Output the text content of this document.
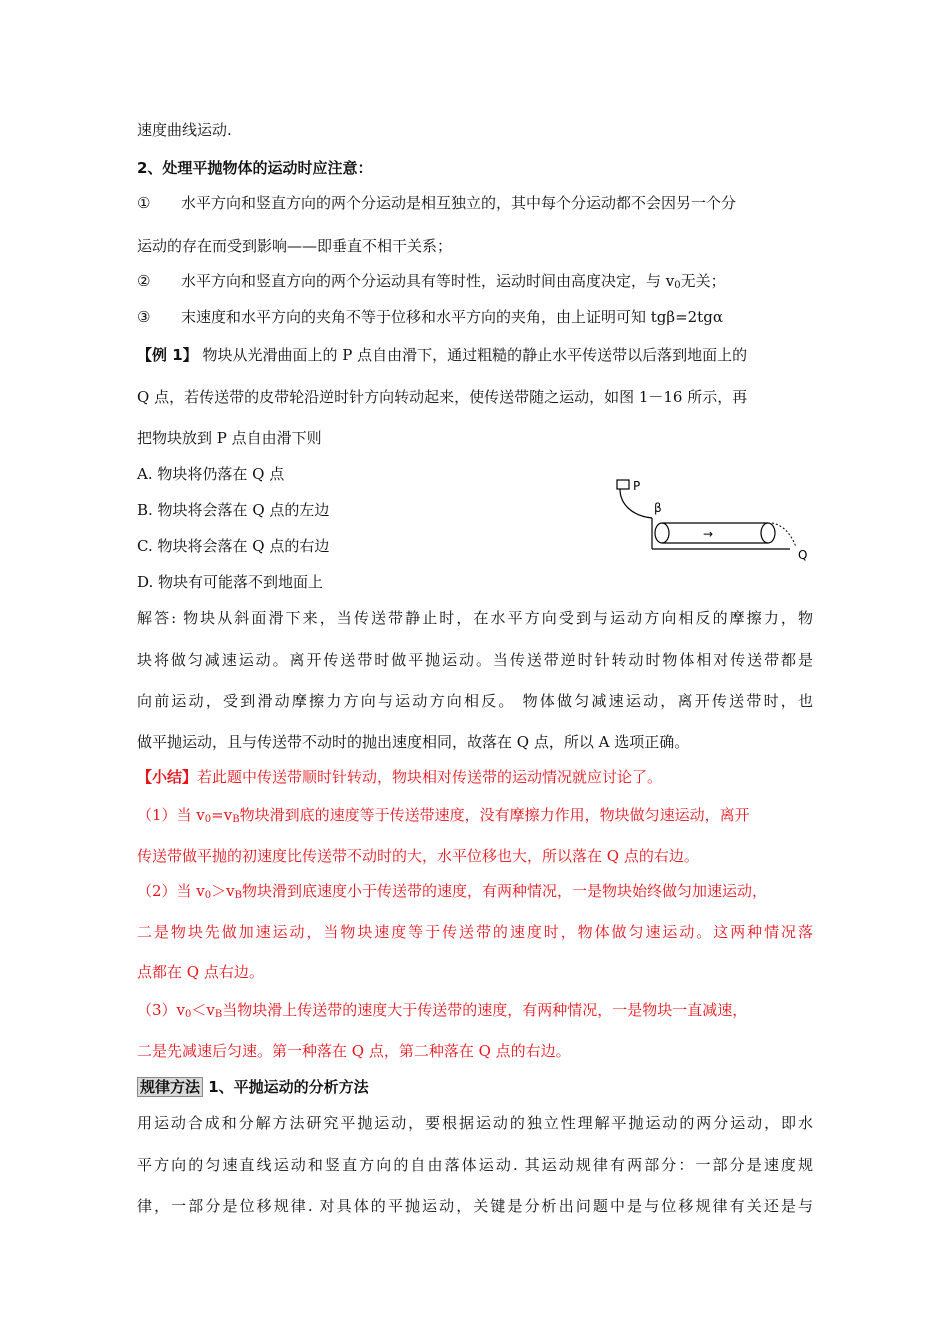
速度曲线运动.
2、处理平抛物体的运动时应注意：
① 水平方向和竖直方向的两个分运动是相互独立的，其中每个分运动都不会因另一个分
运动的存在而受到影响——即垂直不相干关系；
② 水平方向和竖直方向的两个分运动具有等时性，运动时间由高度决定，与 $v_0$无关；
③ 末速度和水平方向的夹角不等于位移和水平方向的夹角，由上证明可知 tgβ=2tgα
【例 1】 物块从光滑曲面上的 P 点自由滑下，通过粗糙的静止水平传送带以后落到地面上的
Q 点，若传送带的皮带轮沿逆时针方向转动起来，使传送带随之运动，如图 1－16 所示，再
把物块放到 P 点自由滑下则
A. 物块将仍落在 Q 点
B. 物块将会落在 Q 点的左边
C. 物块将会落在 Q 点的右边
D. 物块有可能落不到地面上
P
β
→
Q
解答: 物块从斜面滑下来，当传送带静止时，在水平方向受到与运动方向相反的摩擦力，物
块将做匀减速运动。离开传送带时做平抛运动。当传送带逆时针转动时物体相对传送带都是
向前运动，受到滑动摩擦力方向与运动方向相反。 物体做匀减速运动，离开传送带时，也
做平抛运动，且与传送带不动时的抛出速度相同，故落在 Q 点，所以 A 选项正确。
【小结】若此题中传送带顺时针转动，物块相对传送带的运动情况就应讨论了。
（1）当 $v_0=v_B$物块滑到底的速度等于传送带速度，没有摩擦力作用，物块做匀速运动，离开
传送带做平抛的初速度比传送带不动时的大，水平位移也大，所以落在 Q 点的右边。
（2）当 $v_0>v_B$物块滑到底速度小于传送带的速度，有两种情况，一是物块始终做匀加速运动，
二是物块先做加速运动，当物块速度等于传送带的速度时，物体做匀速运动。这两种情况落
点都在 Q 点右边。
$(3)v_0<v_B$当物块滑上传送带的速度大于传送带的速度，有两种情况，一是物块一直减速，
二是先减速后匀速。第一种落在 Q 点，第二种落在 Q 点的右边。
规律方法 1、平抛运动的分析方法
用运动合成和分解方法研究平抛运动，要根据运动的独立性理解平抛运动的两分运动，即水
平方向的匀速直线运动和竖直方向的自由落体运动. 其运动规律有两部分：一部分是速度规
律，一部分是位移规律. 对具体的平抛运动，关键是分析出问题中是与位移规律有关还是与
